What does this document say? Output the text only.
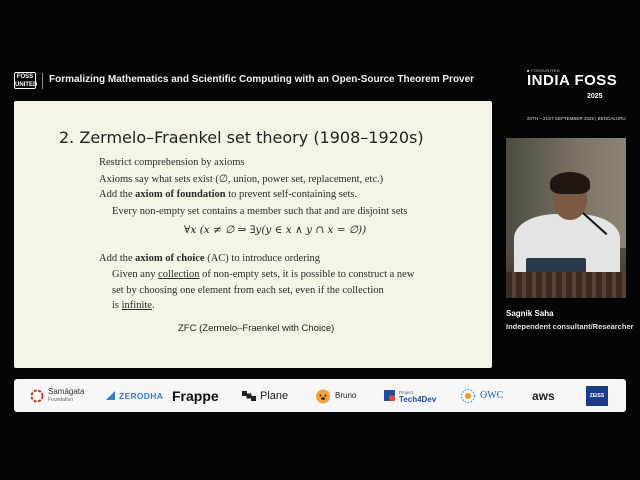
FOSS
UNITED Formalizing Mathematics and Scientific Computing with an Open-Source Theorem Prover
■ FOSSUNITED
INDIA FOSS
2025
20TH – 21ST SEPTEMBER 2025 | BENGALURU
2. Zermelo–Fraenkel set theory (1908–1920s)
Restrict comprehension by axioms
Axioms say what sets exist (∅, union, power set, replacement, etc.)
Add the axiom of foundation to prevent self-containing sets.
Every non-empty set contains a member such that and are disjoint sets
∀x (x ≠ ∅ ⇒ ∃y(y ∈ x ∧ y ∩ x = ∅))
Add the axiom of choice (AC) to introduce ordering
Given any collection of non-empty sets, it is possible to construct a new
set by choosing one element from each set, even if the collection
is infinite.
ZFC (Zermelo–Fraenkel with Choice)
Sagnik Saha
Independent consultant/Researcher
Samāgata
Foundation	ZERODHA Frappe	Plane	Bruno	Project
Tech4Dev	OWC aws	ZEISS
